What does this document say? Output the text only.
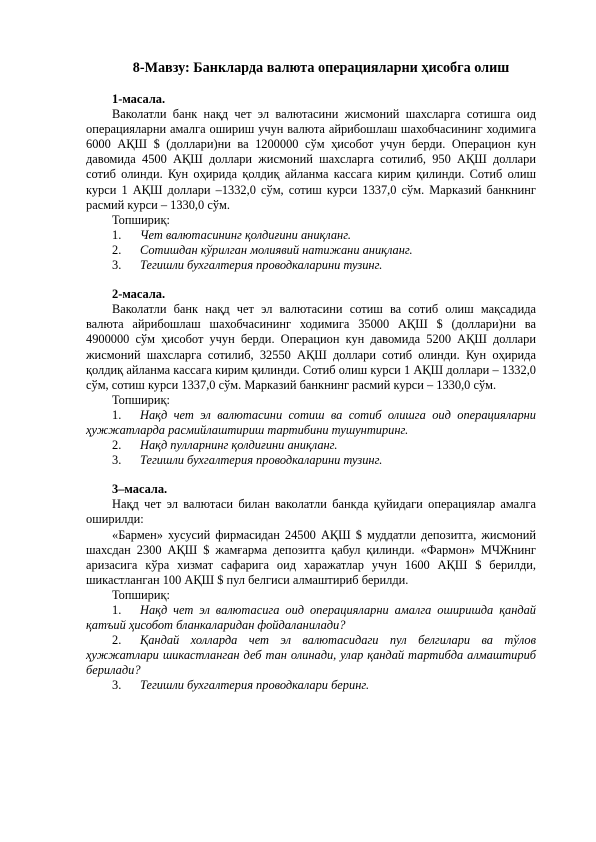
8-Мавзу: Банкларда валюта операцияларни ҳисобга олиш

1-масала.

Ваколатли банк нақд чет эл валютасини жисмоний шахсларга сотишга оид операцияларни амалга ошириш учун валюта айрибошлаш шахобчасининг ходимига 6000 АҚШ $ (доллари)ни ва 1200000 сўм ҳисобот учун берди. Операцион кун давомида 4500 АҚШ доллари жисмоний шахсларга сотилиб, 950 АҚШ доллари сотиб олинди. Кун оҳирида қолдиқ айланма кассага кирим қилинди. Сотиб олиш курси 1 АҚШ доллари –1332,0 сўм, сотиш курси 1337,0 сўм. Марказий банкнинг расмий курси – 1330,0 сўм.

Топшириқ:

1. Чет валютасининг қолдиғини аниқланг.

2. Сотишдан кўрилган молиявий натижани аниқланг.

3. Тегишли бухгалтерия проводкаларини тузинг.

2-масала.

Ваколатли банк нақд чет эл валютасини сотиш ва сотиб олиш мақсадида валюта айрибошлаш шахобчасининг ходимига 35000 АҚШ $ (доллари)ни ва 4900000 сўм ҳисобот учун берди. Операцион кун давомида 5200 АҚШ доллари жисмоний шахсларга сотилиб, 32550 АҚШ доллари сотиб олинди. Кун оҳирида қолдиқ айланма кассага кирим қилинди. Сотиб олиш курси 1 АҚШ доллари – 1332,0 сўм, сотиш курси 1337,0 сўм. Марказий банкнинг расмий курси – 1330,0 сўм.

Топшириқ:

1. Нақд чет эл валютасини сотиш ва сотиб олишга оид операцияларни ҳужжатларда расмийлаштириш тартибини тушунтиринг.

2. Нақд пулларнинг қолдиғини аниқланг.

3. Тегишли бухгалтерия проводкаларини тузинг.

3–масала.

Нақд чет эл валютаси билан ваколатли банкда қуйидаги операциялар амалга оширилди:

«Бармен» хусусий фирмасидан 24500 АҚШ $ муддатли депозитга, жисмоний шахсдан 2300 АҚШ $ жамғарма депозитга қабул қилинди. «Фармон» МЧЖнинг аризасига кўра хизмат сафарига оид харажатлар учун 1600 АҚШ $ берилди, шикастланган 100 АҚШ $ пул белгиси алмаштириб берилди.

Топшириқ:

1. Нақд чет эл валютасига оид операцияларни амалга оширишда қандай қатъий ҳисобот бланкаларидан фойдаланилади?

2. Қандай холларда чет эл валютасидаги пул белгилари ва тўлов ҳужжатлари шикастланган деб тан олинади, улар қандай тартибда алмаштириб берилади?

3. Тегишли бухгалтерия проводкалари беринг.
